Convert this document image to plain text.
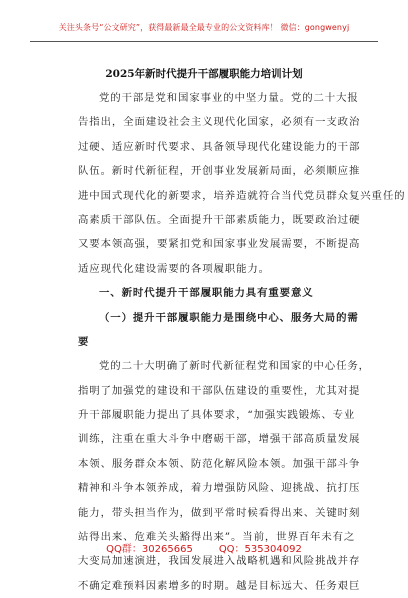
关注头条号“公文研究”，获得最新最全最专业的公文资料库！ 微信：gongwenyj
2025年新时代提升干部履职能力培训计划
党的干部是党和国家事业的中坚力量。党的二十大报
告指出，全面建设社会主义现代化国家，必须有一支政治
过硬、适应新时代要求、具备领导现代化建设能力的干部
队伍。新时代新征程，开创事业发展新局面，必须顺应推
进中国式现代化的新要求，培养造就符合当代党员群众复兴重任的
高素质干部队伍。全面提升干部素质能力，既要政治过硬
又要本领高强，要紧扣党和国家事业发展需要，不断提高
适应现代化建设需要的各项履职能力。
一、新时代提升干部履职能力具有重要意义
（一）提升干部履职能力是围绕中心、服务大局的需
要
党的二十大明确了新时代新征程党和国家的中心任务，
指明了加强党的建设和干部队伍建设的重要性，尤其对提
升干部履职能力提出了具体要求，“加强实践锻炼、专业
训练，注重在重大斗争中磨砺干部，增强干部高质量发展
本领、服务群众本领、防范化解风险本领。加强干部斗争
精神和斗争本领养成，着力增强防风险、迎挑战、抗打压
能力，带头担当作为，做到平常时候看得出来、关键时刻
站得出来、危难关头豁得出来”。当前，世界百年未有之
大变局加速演进，我国发展进入战略机遇和风险挑战并存
不确定难预料因素增多的时期。越是目标远大、任务艰巨
QQ群：30265665	QQ：535304092
